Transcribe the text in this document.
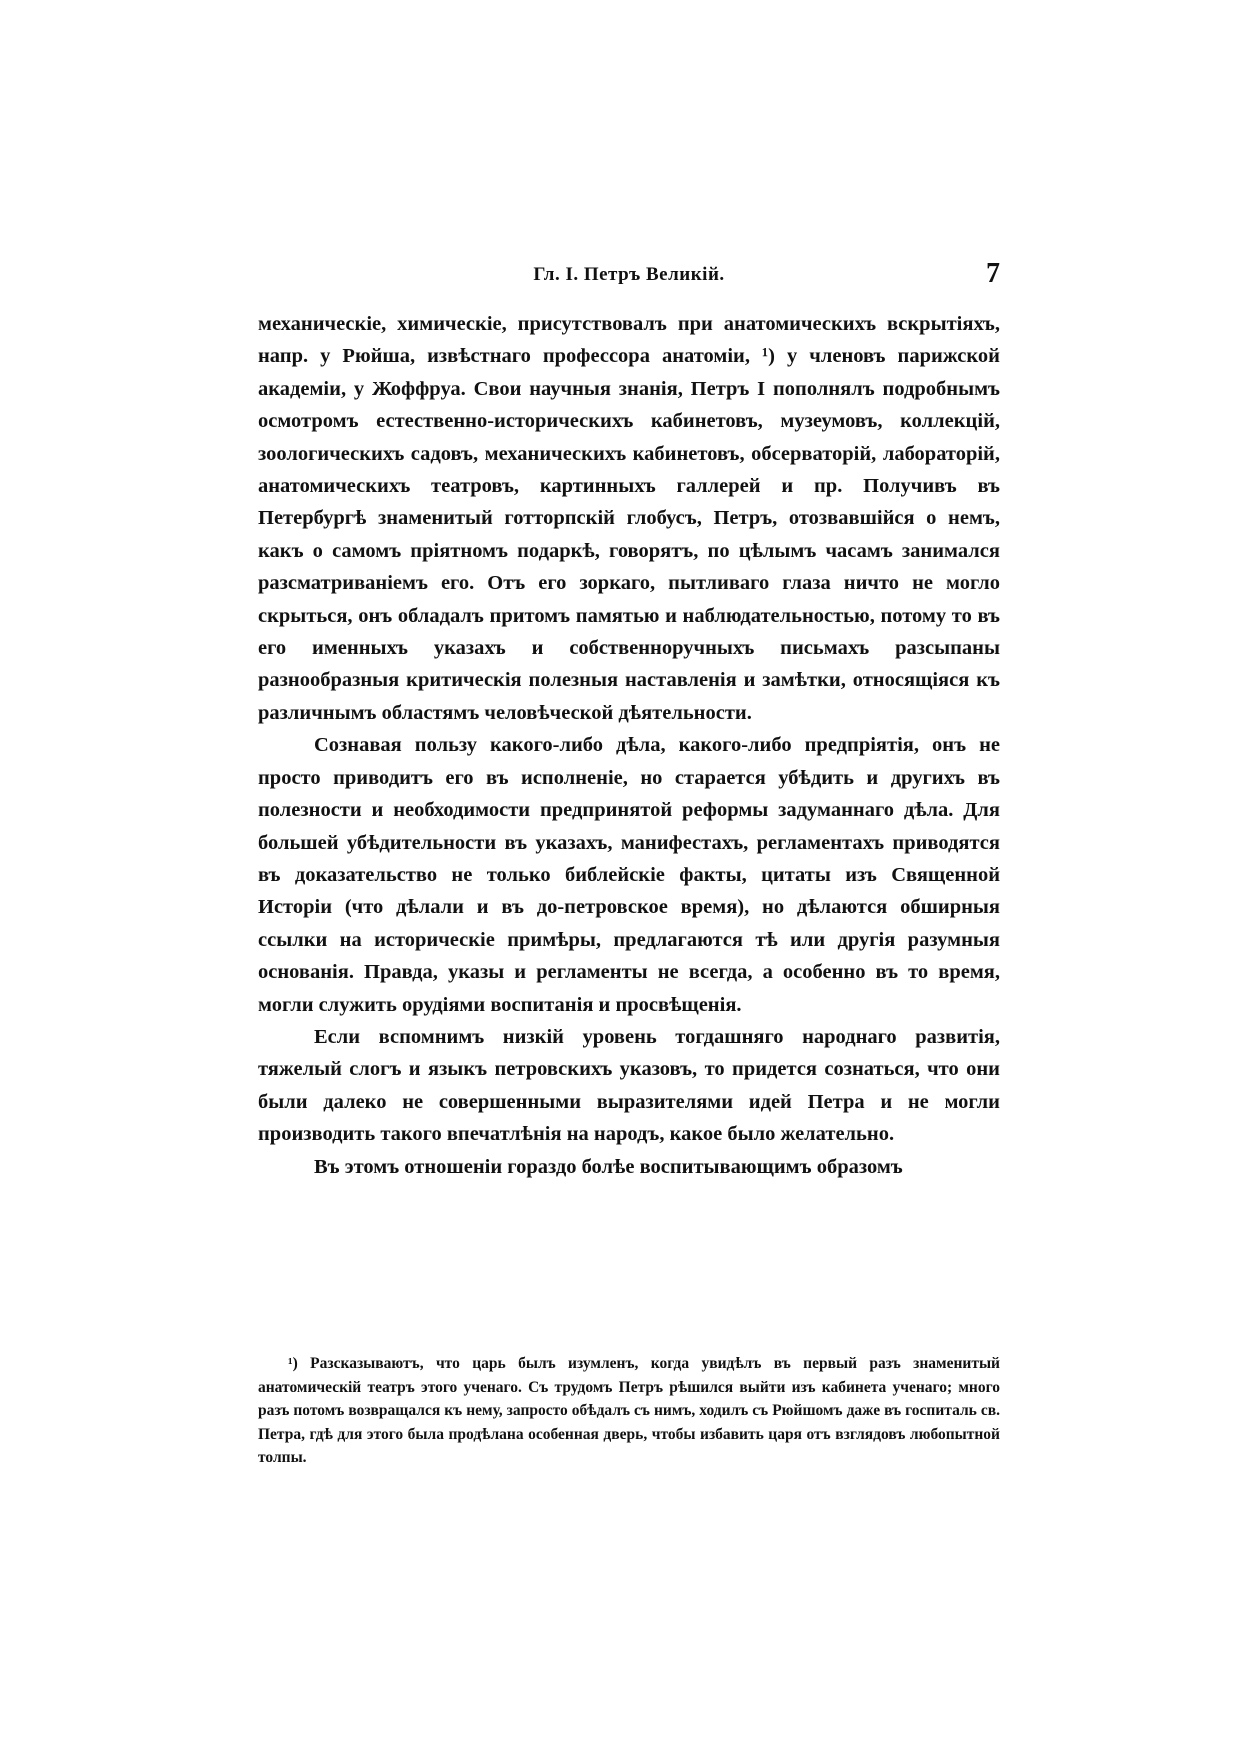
Гл. I. Петръ Великій.	7

механическіе, химическіе, присутствовалъ при анатомическихъ вскрытіяхъ, напр. у Рюйша, извѣстнаго профессора анатоміи, ¹) у членовъ парижской академіи, у Жоффруа. Свои научныя знанія, Петръ I пополнялъ подробнымъ осмотромъ естественно-историческихъ кабинетовъ, музеумовъ, коллекцій, зоологическихъ садовъ, механическихъ кабинетовъ, обсерваторій, лабораторій, анатомическихъ театровъ, картинныхъ галлерей и пр. Получивъ въ Петербургѣ знаменитый готторпскій глобусъ, Петръ, отозвавшійся о немъ, какъ о самомъ пріятномъ подаркѣ, говорятъ, по цѣлымъ часамъ занимался разсматриваніемъ его. Отъ его зоркаго, пытливаго глаза ничто не могло скрыться, онъ обладалъ притомъ памятью и наблюдательностью, потому то въ его именныхъ указахъ и собственноручныхъ письмахъ разсыпаны разнообразныя критическія полезныя наставленія и замѣтки, относящіяся къ различнымъ областямъ человѣческой дѣятельности.

Сознавая пользу какого-либо дѣла, какого-либо предпріятія, онъ не просто приводитъ его въ исполненіе, но старается убѣдить и другихъ въ полезности и необходимости предпринятой реформы задуманнаго дѣла. Для большей убѣдительности въ указахъ, манифестахъ, регламентахъ приводятся въ доказательство не только библейскіе факты, цитаты изъ Священной Исторіи (что дѣлали и въ до-петровское время), но дѣлаются обширныя ссылки на историческіе примѣры, предлагаются тѣ или другія разумныя основанія. Правда, указы и регламенты не всегда, а особенно въ то время, могли служить орудіями воспитанія и просвѣщенія.

Если вспомнимъ низкій уровень тогдашняго народнаго развитія, тяжелый слогъ и языкъ петровскихъ указовъ, то придется сознаться, что они были далеко не совершенными выразителями идей Петра и не могли производить такого впечатлѣнія на народъ, какое было желательно.

Въ этомъ отношеніи гораздо болѣе воспитывающимъ образомъ

¹) Разсказываютъ, что царь былъ изумленъ, когда увидѣлъ въ первый разъ знаменитый анатомическій театръ этого ученаго. Съ трудомъ Петръ рѣшился выйти изъ кабинета ученаго; много разъ потомъ возвращался къ нему, запросто обѣдалъ съ нимъ, ходилъ съ Рюйшомъ даже въ госпиталь св. Петра, гдѣ для этого была продѣлана особенная дверь, чтобы избавить царя отъ взглядовъ любопытной толпы.
